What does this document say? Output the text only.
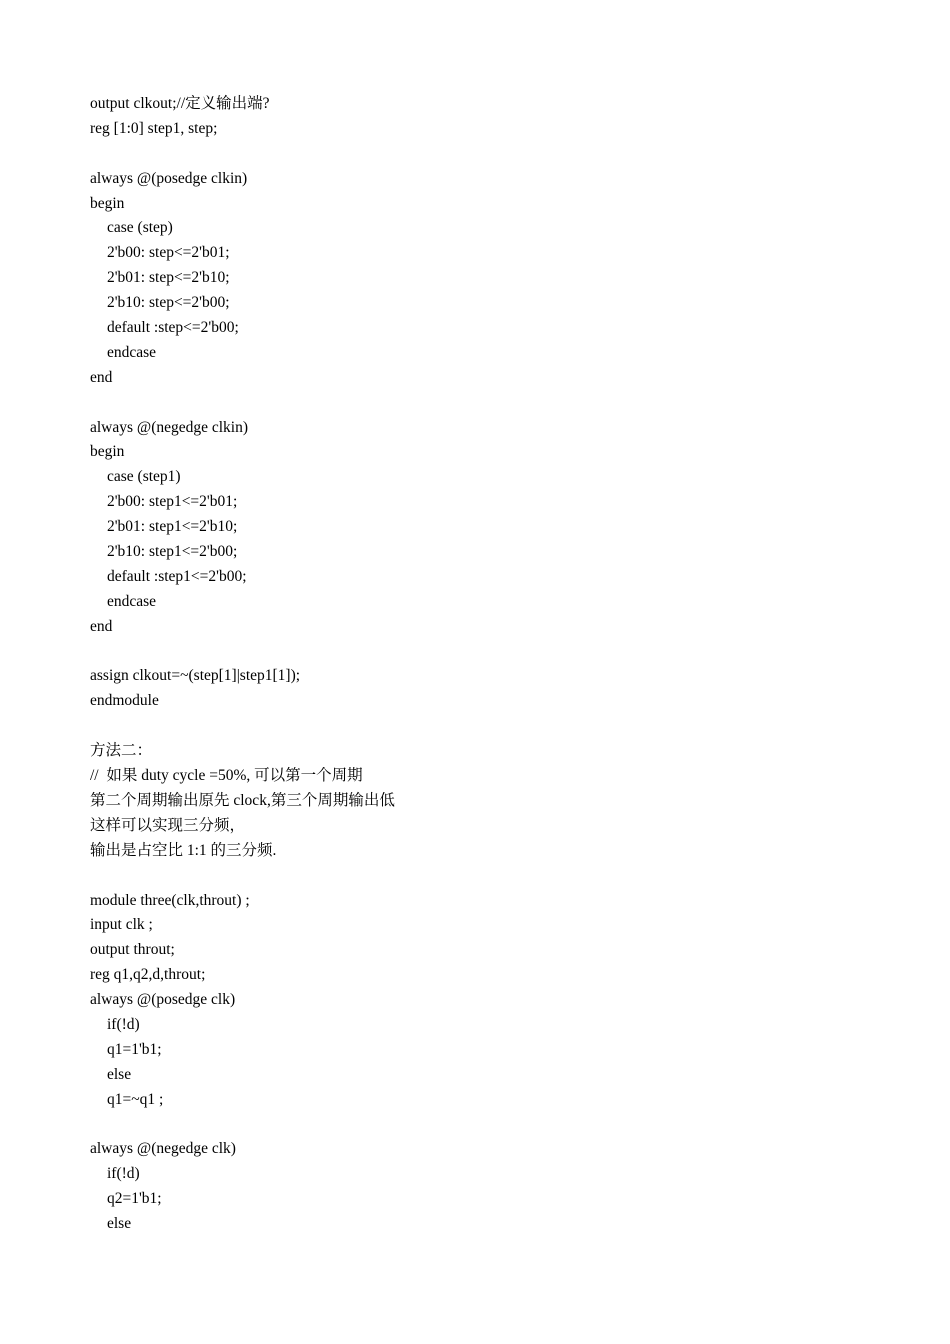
output clkout;//定义输出端?
reg [1:0] step1, step;
always @(posedge clkin)
begin
case (step)
2'b00: step<=2'b01;
2'b01: step<=2'b10;
2'b10: step<=2'b00;
default :step<=2'b00;
endcase
end
always @(negedge clkin)
begin
case (step1)
2'b00: step1<=2'b01;
2'b01: step1<=2'b10;
2'b10: step1<=2'b00;
default :step1<=2'b00;
endcase
end
assign clkout=~(step[1]|step1[1]);
endmodule
方法二：
//  如果 duty cycle =50%, 可以第一个周期
第二个周期输出原先 clock,第三个周期输出低
这样可以实现三分频，
输出是占空比 1:1 的三分频.
module three(clk,throut) ;
input clk ;
output throut;
reg q1,q2,d,throut;
always @(posedge clk)
if(!d)
q1=1'b1;
else
q1=~q1 ;
always @(negedge clk)
if(!d)
q2=1'b1;
else
